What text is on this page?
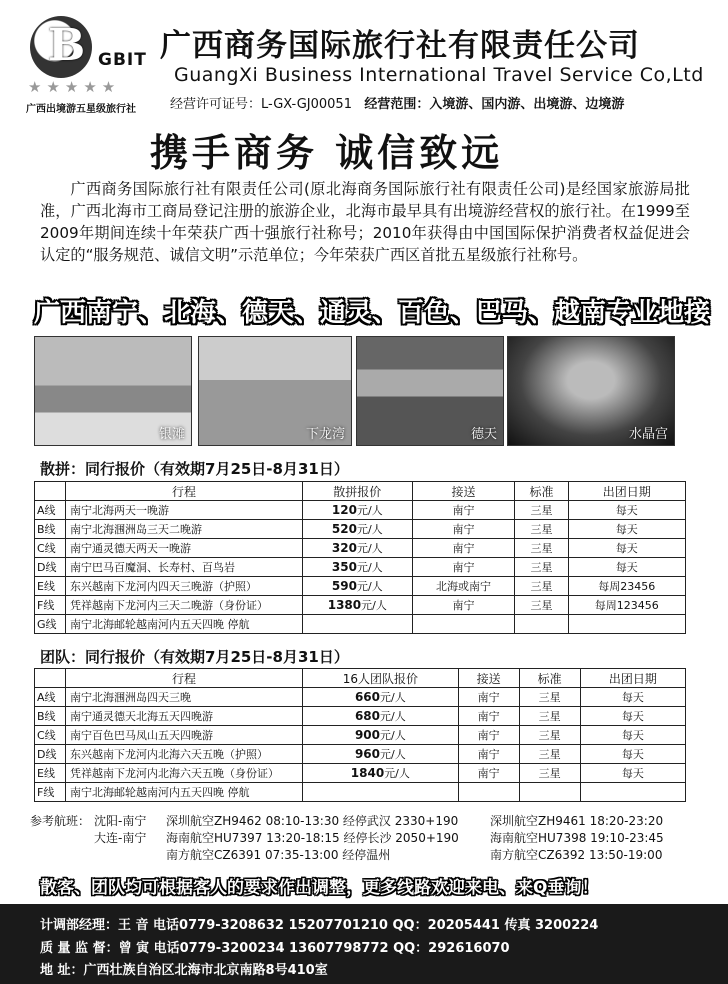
B GBIT
★★★★★
广西出境游五星级旅行社
广西商务国际旅行社有限责任公司
GuangXi Business International Travel Service Co,Ltd
经营许可证号：L-GX-GJ00051 经营范围：入境游、国内游、出境游、边境游
携手商务 诚信致远
广西商务国际旅行社有限责任公司(原北海商务国际旅行社有限责任公司)是经国家旅游局批准，广西北海市工商局登记注册的旅游企业，北海市最早具有出境游经营权的旅行社。在1999至2009年期间连续十年荣获广西十强旅行社称号；2010年获得由中国国际保护消费者权益促进会认定的“服务规范、诚信文明”示范单位；今年荣获广西区首批五星级旅行社称号。
广西南宁、北海、德天、通灵、百色、巴马、越南专业地接
银滩	下龙湾	德天	水晶宫
散拼：同行报价（有效期7月25日-8月31日）
	行程	散拼报价	接送	标准	出团日期
A线	南宁北海两天一晚游	120元/人	南宁	三星	每天
B线	南宁北海涠洲岛三天二晚游	520元/人	南宁	三星	每天
C线	南宁通灵德天两天一晚游	320元/人	南宁	三星	每天
D线	南宁巴马百魔洞、长寿村、百鸟岩	350元/人	南宁	三星	每天
E线	东兴越南下龙河内四天三晚游（护照）	590元/人	北海或南宁	三星	每周23456
F线	凭祥越南下龙河内三天二晚游（身份证）	1380元/人	南宁	三星	每周123456
G线	南宁北海邮轮越南河内五天四晚 停航				
团队：同行报价（有效期7月25日-8月31日）
	行程	16人团队报价	接送	标准	出团日期
A线	南宁北海涠洲岛四天三晚	660元/人	南宁	三星	每天
B线	南宁通灵德天北海五天四晚游	680元/人	南宁	三星	每天
C线	南宁百色巴马凤山五天四晚游	900元/人	南宁	三星	每天
D线	东兴越南下龙河内北海六天五晚（护照）	960元/人	南宁	三星	每天
E线	凭祥越南下龙河内北海六天五晚（身份证）	1840元/人	南宁	三星	每天
F线	南宁北海邮轮越南河内五天四晚 停航				
参考航班： 沈阳-南宁 深圳航空ZH9462 08:10-13:30 经停武汉 2330+190	深圳航空ZH9461 18:20-23:20
大连-南宁 海南航空HU7397 13:20-18:15 经停长沙 2050+190	海南航空HU7398 19:10-23:45
南方航空CZ6391 07:35-13:00 经停温州	南方航空CZ6392 13:50-19:00
散客、团队均可根据客人的要求作出调整，更多线路欢迎来电、来Q垂询！
计调部经理：王 音 电话0779-3208632 15207701210 QQ：20205441 传真 3200224
质 量 监 督：曾 寅 电话0779-3200234 13607798772 QQ：292616070
地 址：广西壮族自治区北海市北京南路8号410室
